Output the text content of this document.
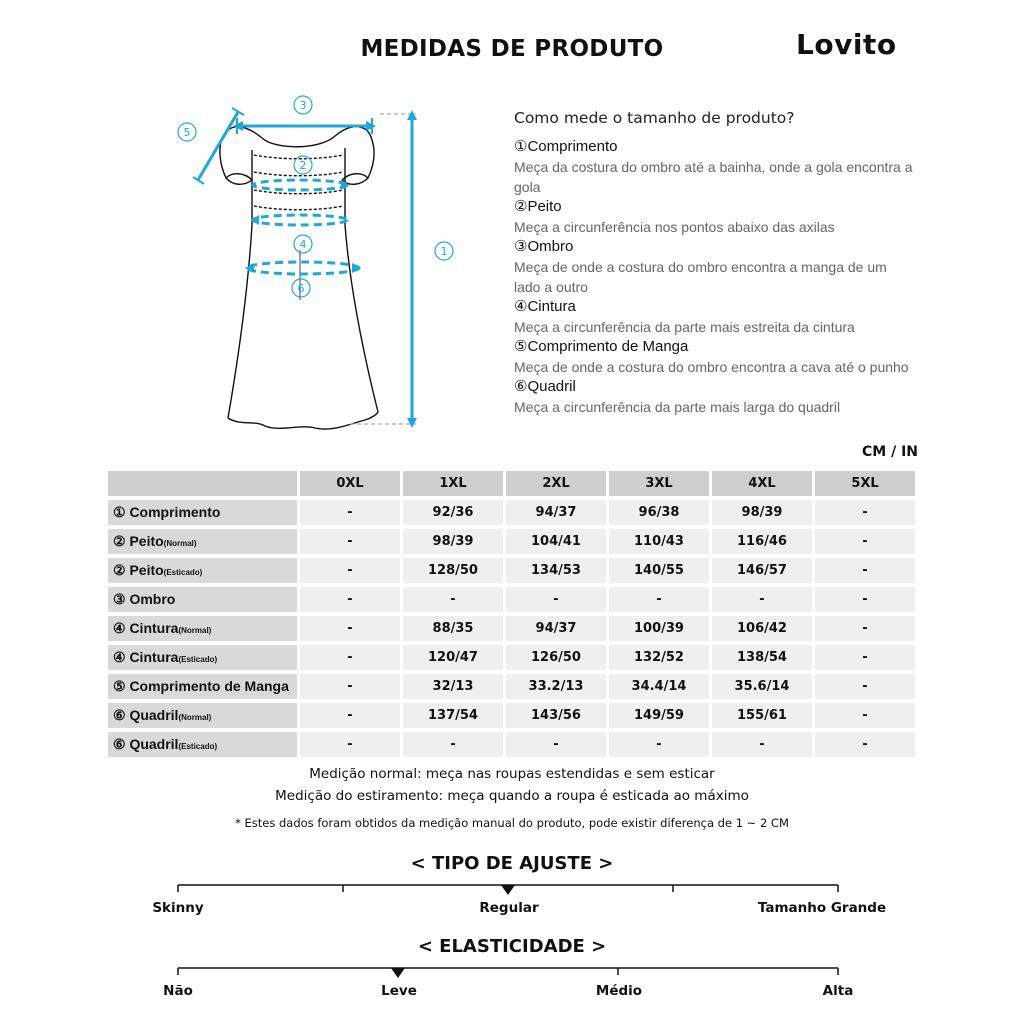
MEDIDAS DE PRODUTO	Lovito
3
5
2
4
6
1
Como mede o tamanho de produto?
①Comprimento
Meça da costura do ombro até a bainha, onde a gola encontra a gola
②Peito
Meça a circunferência nos pontos abaixo das axilas
③Ombro
Meça de onde a costura do ombro encontra a manga de um lado a outro
④Cintura
Meça a circunferência da parte mais estreita da cintura
⑤Comprimento de Manga
Meça de onde a costura do ombro encontra a cava até o punho
⑥Quadril
Meça a circunferência da parte mais larga do quadril
CM / IN
	0XL	1XL	2XL	3XL	4XL	5XL
① Comprimento	-	92/36	94/37	96/38	98/39	-
② Peito(Normal)	-	98/39	104/41	110/43	116/46	-
② Peito(Esticado)	-	128/50	134/53	140/55	146/57	-
③ Ombro	-	-	-	-	-	-
④ Cintura(Normal)	-	88/35	94/37	100/39	106/42	-
④ Cintura(Esticado)	-	120/47	126/50	132/52	138/54	-
⑤ Comprimento de Manga	-	32/13	33.2/13	34.4/14	35.6/14	-
⑥ Quadril(Normal)	-	137/54	143/56	149/59	155/61	-
⑥ Quadril(Esticado)	-	-	-	-	-	-
Medição normal: meça nas roupas estendidas e sem esticar
Medição do estiramento: meça quando a roupa é esticada ao máximo
* Estes dados foram obtidos da medição manual do produto, pode existir diferença de 1 ~ 2 CM
< TIPO DE AJUSTE >
Skinny	Regular	Tamanho Grande
< ELASTICIDADE >
Não	Leve	Médio	Alta
